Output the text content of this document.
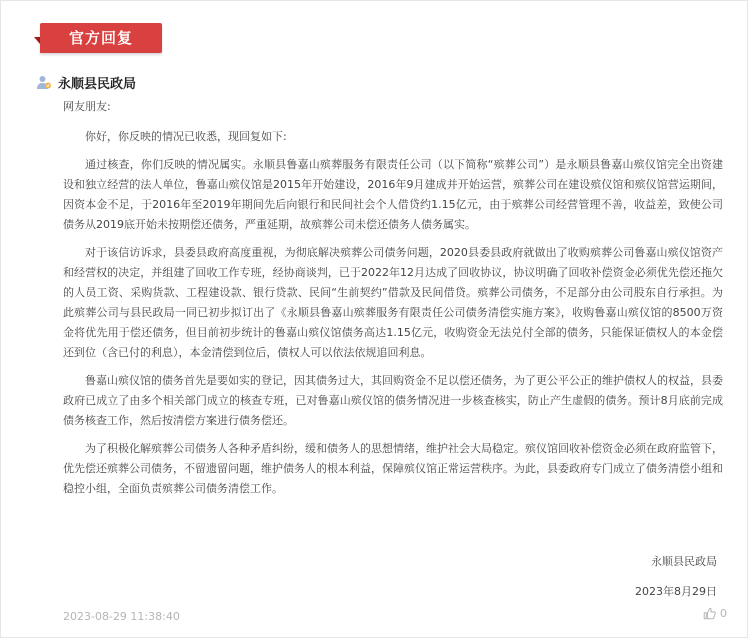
官方回复
永顺县民政局

网友朋友:

你好，你反映的情况已收悉，现回复如下:

通过核查，你们反映的情况属实。永顺县鲁嘉山殡葬服务有限责任公司（以下简称“殡葬公司”）是永顺县鲁嘉山殡仪馆完全出资建设和独立经营的法人单位，鲁嘉山殡仪馆是2015年开始建设，2016年9月建成并开始运营，殡葬公司在建设殡仪馆和殡仪馆营运期间，因资本金不足，于2016年至2019年期间先后向银行和民间社会个人借贷约1.15亿元，由于殡葬公司经营管理不善，收益差，致使公司债务从2019底开始未按期偿还债务，严重延期，故殡葬公司未偿还债务人债务属实。

对于该信访诉求，县委县政府高度重视，为彻底解决殡葬公司债务问题，2020县委县政府就做出了收购殡葬公司鲁嘉山殡仪馆资产和经营权的决定，并组建了回收工作专班，经协商谈判，已于2022年12月达成了回收协议，协议明确了回收补偿资金必须优先偿还拖欠的人员工资、采购货款、工程建设款、银行贷款、民间“生前契约”借款及民间借贷。殡葬公司债务，不足部分由公司股东自行承担。为此殡葬公司与县民政局一同已初步拟订出了《永顺县鲁嘉山殡葬服务有限责任公司债务清偿实施方案》，收购鲁嘉山殡仪馆的8500万资金将优先用于偿还债务，但目前初步统计的鲁嘉山殡仪馆债务高达1.15亿元，收购资金无法兑付全部的债务，只能保证债权人的本金偿还到位（含已付的利息），本金清偿到位后，债权人可以依法依规追回利息。

鲁嘉山殡仪馆的债务首先是要如实的登记，因其债务过大，其回购资金不足以偿还债务，为了更公平公正的维护债权人的权益，县委政府已成立了由多个相关部门成立的核查专班，已对鲁嘉山殡仪馆的债务情况进一步核查核实，防止产生虚假的债务。预计8月底前完成债务核查工作，然后按清偿方案进行债务偿还。

为了积极化解殡葬公司债务人各种矛盾纠纷，缓和债务人的思想情绪，维护社会大局稳定。殡仪馆回收补偿资金必须在政府监管下，优先偿还殡葬公司债务，不留遗留问题，维护债务人的根本利益，保障殡仪馆正常运营秩序。为此，县委政府专门成立了债务清偿小组和稳控小组，全面负责殡葬公司债务清偿工作。

永顺县民政局
2023年8月29日
2023-08-29 11:38:40	0
